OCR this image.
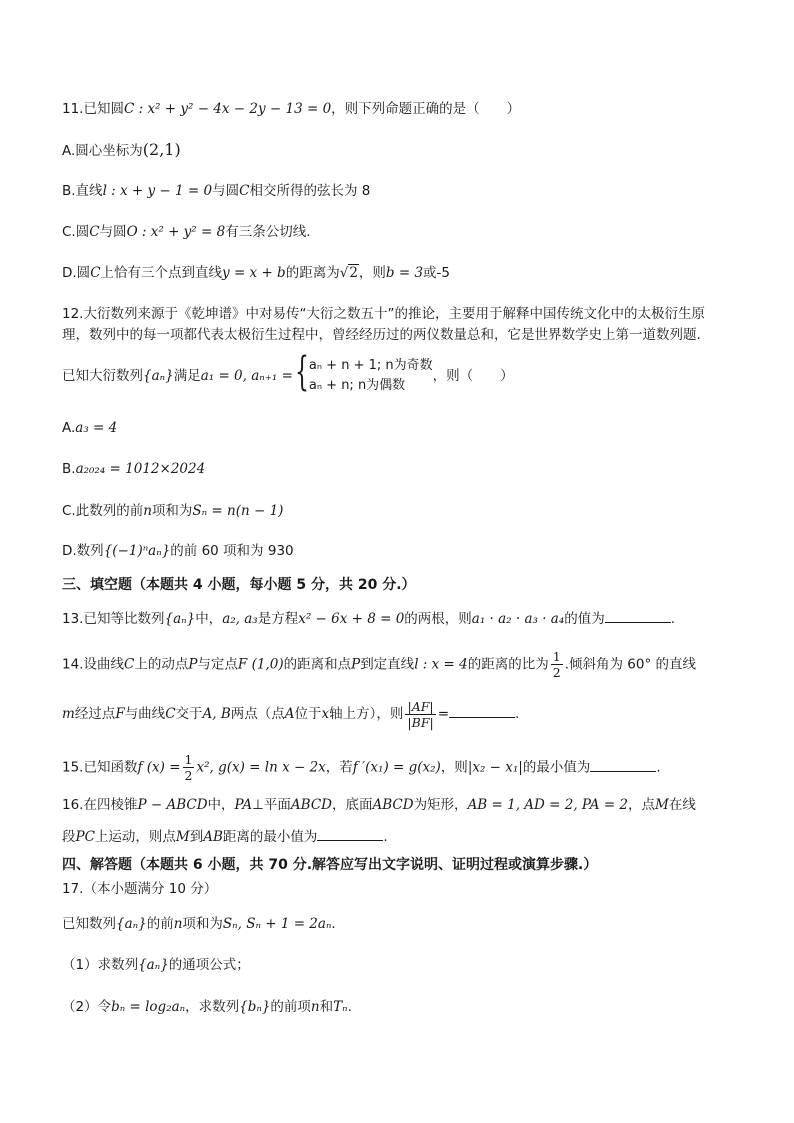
11.已知圆C : x² + y² − 4x − 2y − 13 = 0，则下列命题正确的是（　　）
A.圆心坐标为(2,1)
B.直线l : x + y − 1 = 0与圆C相交所得的弦长为 8
C.圆C与圆O : x² + y² = 8有三条公切线.
D.圆C上恰有三个点到直线y = x + b的距离为√2，则b = 3或-5
12.大衍数列来源于《乾坤谱》中对易传“大衍之数五十”的推论，主要用于解释中国传统文化中的太极衍生原
理，数列中的每一项都代表太极衍生过程中，曾经经历过的两仪数量总和，它是世界数学史上第一道数列题.
已知大衍数列{aₙ}满足a₁ = 0, aₙ₊₁ = { aₙ + n + 1; n为奇数
aₙ + n; n为偶数
，则（　　）
A.a₃ = 4
B.a₂₀₂₄ = 1012×2024
C.此数列的前n项和为Sₙ = n(n − 1)
D.数列{(−1)ⁿaₙ}的前 60 项和为 930
三、填空题（本题共 4 小题，每小题 5 分，共 20 分.）
13.已知等比数列{aₙ}中，a₂, a₃是方程x² − 6x + 8 = 0的两根，则a₁ · a₂ · a₃ · a₄的值为	.
14.设曲线C上的动点P与定点F (1,0)的距离和点P到定直线l : x = 4的距离的比为 $\frac{1}{2}$ .倾斜角为 60° 的直线
m经过点F与曲线C交于A, B两点（点A位于x轴上方），则 $\frac{|AF|}{|BF|}$ =	.
15.已知函数f $(x) = \frac{1}{2} x^2$, g(x) = ln x − 2x，若f ′(x₁) = g(x₂)，则|x₂ − x₁|的最小值为	.
16.在四棱锥P − ABCD中，PA⊥平面ABCD，底面ABCD为矩形，AB = 1, AD = 2, PA = 2，点M在线
段PC上运动，则点M到AB距离的最小值为	.
四、解答题（本题共 6 小题，共 70 分.解答应写出文字说明、证明过程或演算步骤.）
17.（本小题满分 10 分）
已知数列{aₙ}的前n项和为Sₙ, Sₙ + 1 = 2aₙ.
（1）求数列{aₙ}的通项公式；
（2）令bₙ = log₂aₙ，求数列{bₙ}的前项n和Tₙ.
